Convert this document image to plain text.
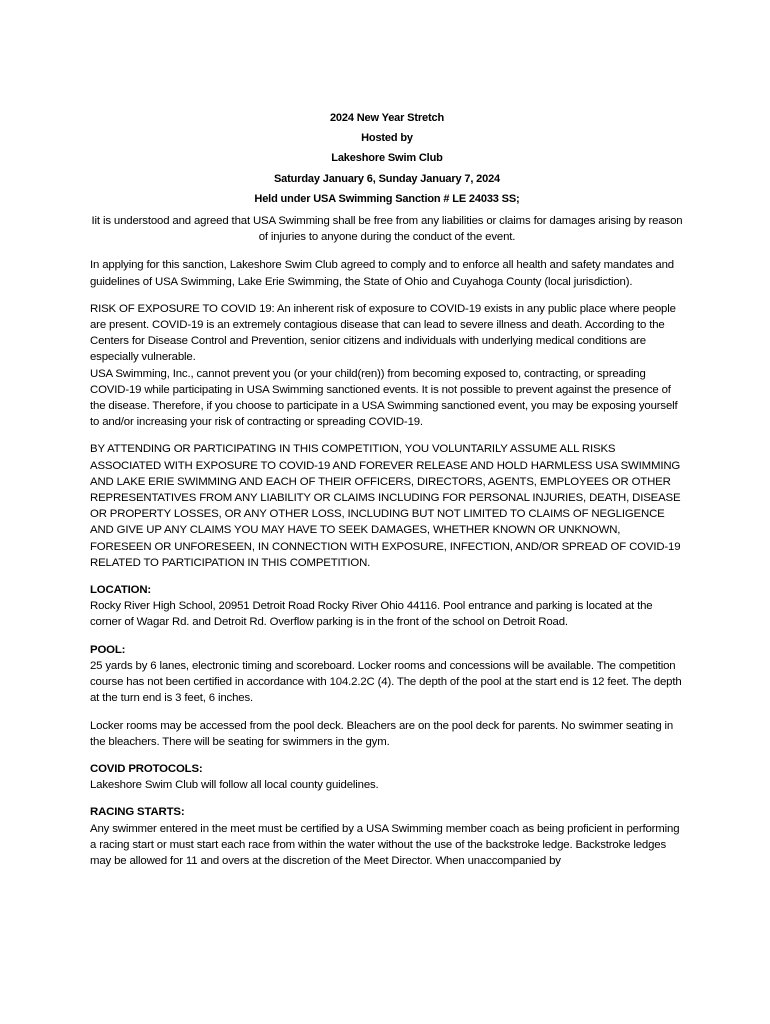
2024 New Year Stretch
Hosted by
Lakeshore Swim Club
Saturday January 6, Sunday January 7, 2024
Held under USA Swimming Sanction # LE 24033 SS;

Iit is understood and agreed that USA Swimming shall be free from any liabilities or claims for damages arising by reason of injuries to anyone during the conduct of the event.

In applying for this sanction, Lakeshore Swim Club agreed to comply and to enforce all health and safety mandates and guidelines of USA Swimming, Lake Erie Swimming, the State of Ohio and Cuyahoga County (local jurisdiction).

RISK OF EXPOSURE TO COVID 19: An inherent risk of exposure to COVID-19 exists in any public place where people are present. COVID-19 is an extremely contagious disease that can lead to severe illness and death. According to the Centers for Disease Control and Prevention, senior citizens and individuals with underlying medical conditions are especially vulnerable.

USA Swimming, Inc., cannot prevent you (or your child(ren)) from becoming exposed to, contracting, or spreading COVID-19 while participating in USA Swimming sanctioned events. It is not possible to prevent against the presence of the disease. Therefore, if you choose to participate in a USA Swimming sanctioned event, you may be exposing yourself to and/or increasing your risk of contracting or spreading COVID-19.

BY ATTENDING OR PARTICIPATING IN THIS COMPETITION, YOU VOLUNTARILY ASSUME ALL RISKS ASSOCIATED WITH EXPOSURE TO COVID-19 AND FOREVER RELEASE AND HOLD HARMLESS USA SWIMMING AND LAKE ERIE SWIMMING AND EACH OF THEIR OFFICERS, DIRECTORS, AGENTS, EMPLOYEES OR OTHER REPRESENTATIVES FROM ANY LIABILITY OR CLAIMS INCLUDING FOR PERSONAL INJURIES, DEATH, DISEASE OR PROPERTY LOSSES, OR ANY OTHER LOSS, INCLUDING BUT NOT LIMITED TO CLAIMS OF NEGLIGENCE AND GIVE UP ANY CLAIMS YOU MAY HAVE TO SEEK DAMAGES, WHETHER KNOWN OR UNKNOWN, FORESEEN OR UNFORESEEN, IN CONNECTION WITH EXPOSURE, INFECTION, AND/OR SPREAD OF COVID-19 RELATED TO PARTICIPATION IN THIS COMPETITION.

LOCATION:

Rocky River High School, 20951 Detroit Road Rocky River Ohio 44116. Pool entrance and parking is located at the corner of Wagar Rd. and Detroit Rd. Overflow parking is in the front of the school on Detroit Road.

POOL:

25 yards by 6 lanes, electronic timing and scoreboard. Locker rooms and concessions will be available. The competition course has not been certified in accordance with 104.2.2C (4). The depth of the pool at the start end is 12 feet. The depth at the turn end is 3 feet, 6 inches.

Locker rooms may be accessed from the pool deck. Bleachers are on the pool deck for parents. No swimmer seating in the bleachers. There will be seating for swimmers in the gym.

COVID PROTOCOLS:

Lakeshore Swim Club will follow all local county guidelines.

RACING STARTS:

Any swimmer entered in the meet must be certified by a USA Swimming member coach as being proficient in performing a racing start or must start each race from within the water without the use of the backstroke ledge. Backstroke ledges may be allowed for 11 and overs at the discretion of the Meet Director. When unaccompanied by
